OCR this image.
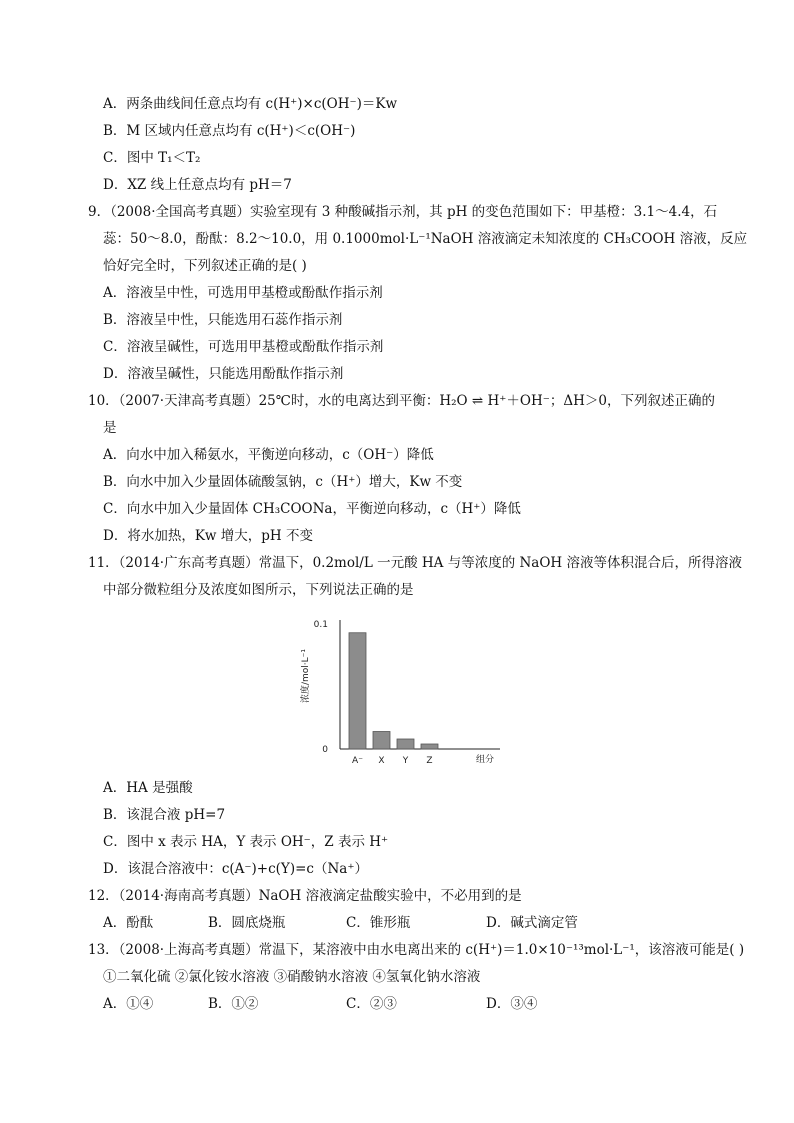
A．两条曲线间任意点均有 c(H⁺)×c(OH⁻)＝Kw
B．M 区域内任意点均有 c(H⁺)＜c(OH⁻)
C．图中 T₁＜T₂
D．XZ 线上任意点均有 pH＝7
9．（2008·全国高考真题）实验室现有 3 种酸碱指示剂，其 pH 的变色范围如下：甲基橙：3.1～4.4，石
蕊：50～8.0，酚酞：8.2～10.0，用 0.1000mol·L⁻¹NaOH 溶液滴定未知浓度的 CH₃COOH 溶液，反应
恰好完全时，下列叙述正确的是( )
A．溶液呈中性，可选用甲基橙或酚酞作指示剂
B．溶液呈中性，只能选用石蕊作指示剂
C．溶液呈碱性，可选用甲基橙或酚酞作指示剂
D．溶液呈碱性，只能选用酚酞作指示剂
10．（2007·天津高考真题）25℃时，水的电离达到平衡：H₂O ⇌ H⁺＋OH⁻；ΔH＞0，下列叙述正确的
是
A．向水中加入稀氨水，平衡逆向移动，c（OH⁻）降低
B．向水中加入少量固体硫酸氢钠，c（H⁺）增大，Kw 不变
C．向水中加入少量固体 CH₃COONa，平衡逆向移动，c（H⁺）降低
D．将水加热，Kw 增大，pH 不变
11．（2014·广东高考真题）常温下，0.2mol/L 一元酸 HA 与等浓度的 NaOH 溶液等体积混合后，所得溶液
中部分微粒组分及浓度如图所示，下列说法正确的是
A⁻ X Y Z
0
0.1
浓度/mol·L⁻¹
组分
A．HA 是强酸
B．该混合液 pH=7
C．图中 x 表示 HA，Y 表示 OH⁻，Z 表示 H⁺
D．该混合溶液中：c(A⁻)+c(Y)=c（Na⁺）
12．（2014·海南高考真题）NaOH 溶液滴定盐酸实验中，不必用到的是
A．酚酞	B．圆底烧瓶	C．锥形瓶	D．碱式滴定管
13．（2008·上海高考真题）常温下，某溶液中由水电离出来的 c(H⁺)＝1.0×10⁻¹³mol·L⁻¹，该溶液可能是( )
①二氧化硫 ②氯化铵水溶液 ③硝酸钠水溶液 ④氢氧化钠水溶液
A．①④	B．①②	C．②③	D．③④
